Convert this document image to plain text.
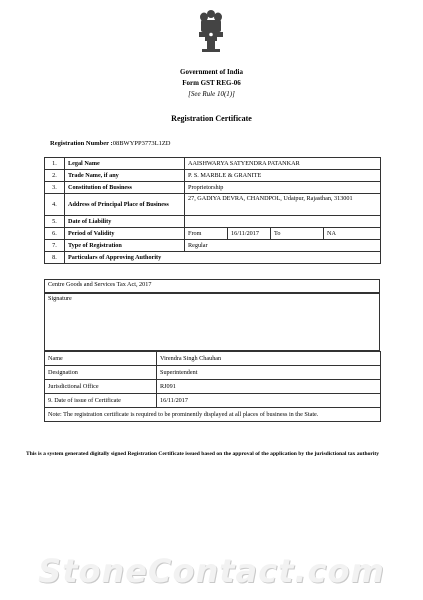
Government of India
Form GST REG-06
[See Rule 10(1)]
Registration Certificate
Registration Number :08BWYPP3773L1ZD
1.	Legal Name	AAISHWARYA SATYENDRA PATANKAR			
2.	Trade Name, if any	P. S. MARBLE & GRANITE			
3.	Constitution of Business	Proprietorship			
4.	Address of Principal Place of Business	27, GADIYA DEVRA, CHANDPOL, Udaipur, Rajasthan, 313001			
5.	Date of Liability				
6.	Period of Validity	From	16/11/2017	To	NA
7.	Type of Registration	Regular			
8.	Particulars of Approving Authority				
Centre Goods and Services Tax Act, 2017
Signature
Name	Virendra Singh Chauhan
Designation	Superintendent
Jurisdictional Office	RJ091
9. Date of issue of Certificate	16/11/2017
Note: The registration certificate is required to be prominently displayed at all places of business in the State.	
This is a system generated digitally signed Registration Certificate issued based on the approval of the application by the jurisdictional tax authority
StoneContact.com
